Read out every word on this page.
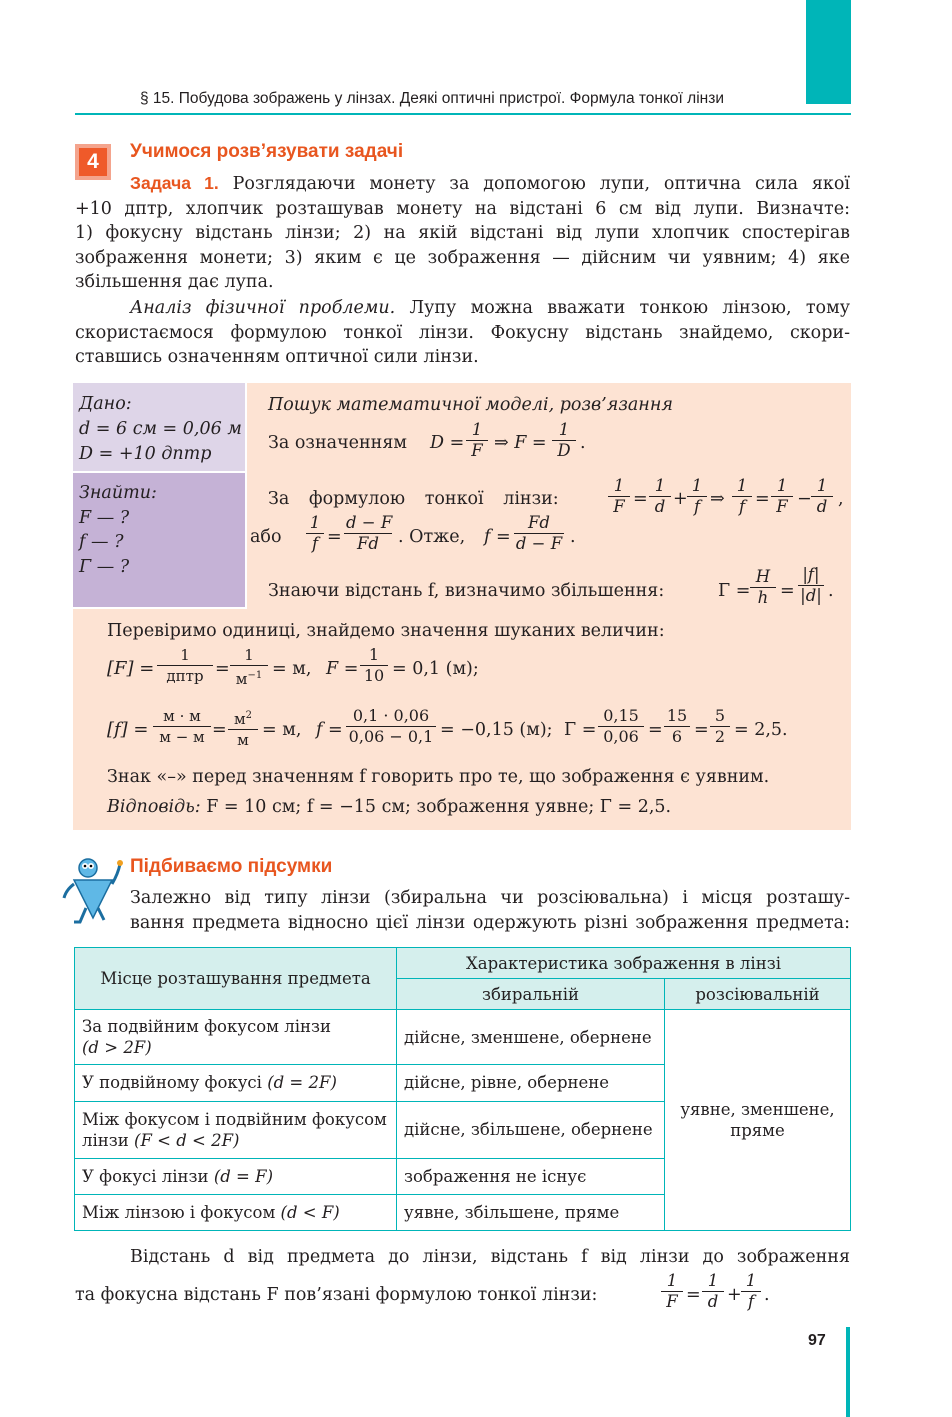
§ 15. Побудова зображень у лінзах. Деякі оптичні пристрої. Формула тонкої лінзи
4	Учимося розв’язувати задачі

Задача 1. Розглядаючи монету за допомогою лупи, оптична сила якої
+10 дптр, хлопчик розташував монету на відстані 6 см від лупи. Визначте:
1) фокусну відстань лінзи; 2) на якій відстані від лупи хлопчик спостерігав
зображення монети; 3) яким є це зображення — дійсним чи уявним; 4) яке
збільшення дає лупа.

Аналіз фізичної проблеми. Лупу можна вважати тонкою лінзою, тому
скористаємося формулою тонкої лінзи. Фокусну відстань знайдемо, скори-
ставшись означенням оптичної сили лінзи.

Дано:
d = 6 см = 0,06 м
D = +10 дптр
Знайти:
F — ?
f — ?
Γ — ?
Пошук математичної моделі, розв’язання
За означенням $D = \frac{1}{F}$ ⇒ $F = \frac{1}{D}$ .
За формулою тонкої лінзи:	$\frac{1}{F} = \frac{1}{d} + \frac{1}{f}$ ⇒ $\frac{1}{f} = \frac{1}{F} - \frac{1}{d}$ ,
або $\frac{1}{f} = \frac{d - F}{Fd}$ . Отже, $f = \frac{Fd}{d - F}$ .
Знаючи відстань f, визначимо збільшення:	$\Gamma = \frac{H}{h} = \frac{|f|}{|d|}$ .
Перевіримо одиниці, знайдемо значення шуканих величин:
[F] =
1
дптр =
1
$м^{-1} = м$, $F = \frac{1}{10} = 0,1$ (м);
[f] =
м · м
м − м =
$м^2$
м = м, $f = \frac{0,1 \cdot 0,06}{0,06 - 0,1} = -0,15$ (м); $\Gamma = \frac{0,15}{0,06} = \frac{15}{6} = \frac{5}{2} = 2,5$.
Знак «–» перед значенням f говорить про те, що зображення є уявним.
Відповідь: F = 10 см; f = −15 см; зображення уявне; Γ = 2,5.
Підбиваємо підсумки

Залежно від типу лінзи (збиральна чи розсіювальна) і місця розташу-
вання предмета відносно цієї лінзи одержують різні зображення предмета:

Місце розташування предмета	Характеристика зображення в лінзі	
	збиральній	розсіювальній
За подвійним фокусом лінзи
(d > 2F)	дійсне, зменшене, обернене	уявне, зменшене, пряме
У подвійному фокусі (d = 2F)	дійсне, рівне, обернене	
Між фокусом і подвійним фокусом лінзи (F < d < 2F)	дійсне, збільшене, обернене	
У фокусі лінзи (d = F)	зображення не існує	
Між лінзою і фокусом (d < F)	уявне, збільшене, пряме	

Відстань d від предмета до лінзи, відстань f від лінзи до зображення

та фокусна відстань F пов’язані формулою тонкої лінзи:	$\frac{1}{F} = \frac{1}{d} + \frac{1}{f}$ .
97
